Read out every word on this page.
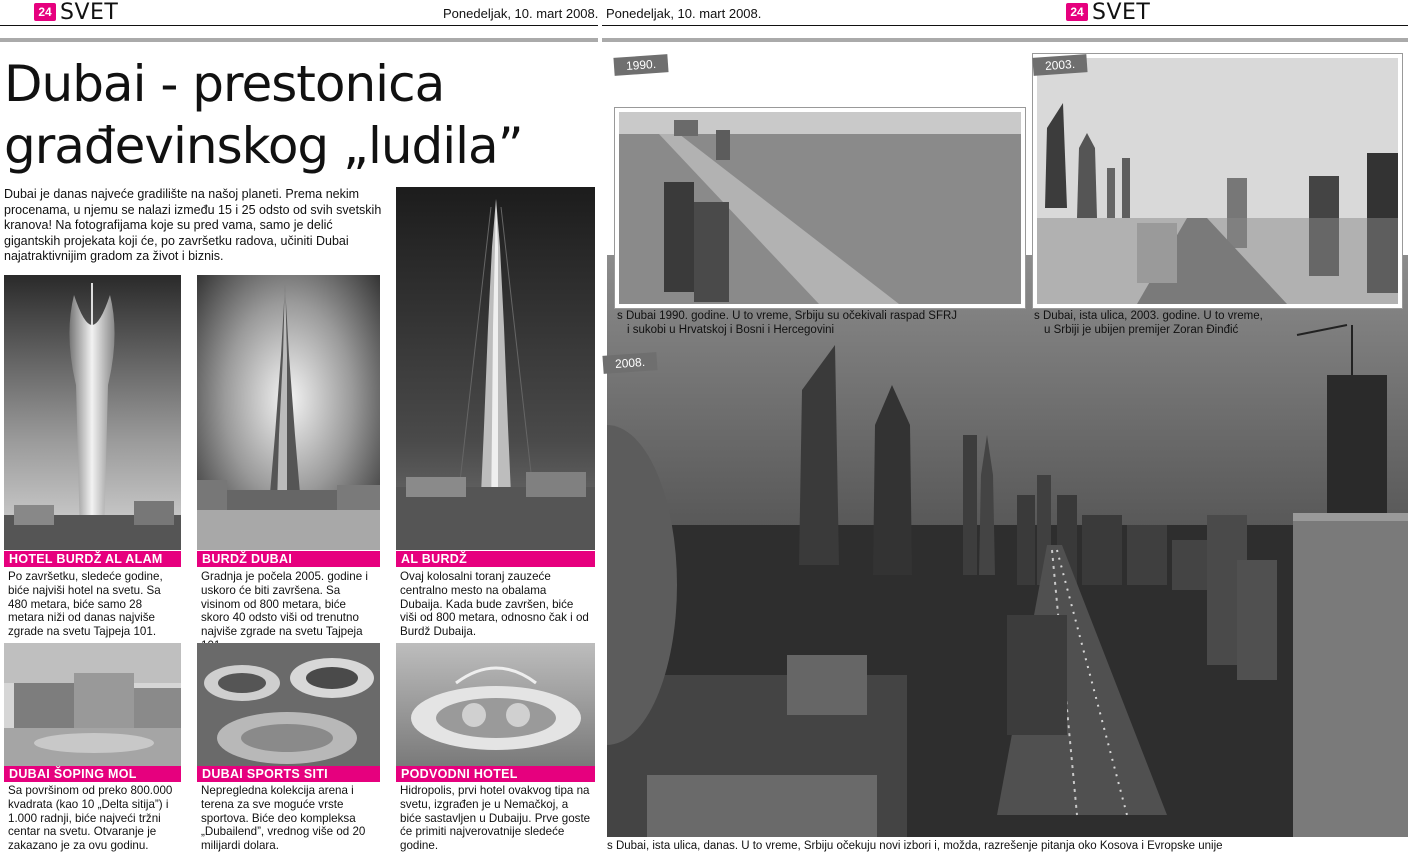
24 SVET	Ponedeljak, 10. mart 2008. Ponedeljak, 10. mart 2008.	24 SVET
Dubai - prestonica
građevinskog „ludila”
Dubai je danas najveće gradilište na našoj planeti. Prema nekim procenama, u njemu se nalazi između 15 i 25 odsto od svih svetskih kranova! Na fotografijama koje su pred vama, samo je delić gigantskih projekata koji će, po završetku radova, učiniti Dubai najatraktivnijim gradom za život i biznis.
HOTEL BURDŽ AL ALAM
Po završetku, sledeće godine, biće najviši hotel na svetu. Sa 480 metara, biće samo 28 metara niži od danas najviše zgrade na svetu Tajpeja 101.
BURDŽ DUBAI
Gradnja je počela 2005. godine i uskoro će biti završena. Sa visinom od 800 metara, biće skoro 40 odsto viši od trenutno najviše zgrade na svetu Tajpeja
AL BURDŽ
Ovaj kolosalni toranj zauzeće centralno mesto na obalama Dubaija. Kada bude završen, biće viši od 800 metara, odnosno čak i od Burdž Dubaija.
DUBAI ŠOPING MOL
Sa površinom od preko 800.000 kvadrata (kao 10 „Delta sitija”) i 1.000 radnji, biće najveći tržni centar na svetu. Otvaranje je zakazano je za ovu godinu.
DUBAI SPORTS SITI
Nepregledna kolekcija arena i terena za sve moguće vrste sportova. Biće deo kompleksa „Dubailend”, vrednog više od 20 milijardi dolara.
PODVODNI HOTEL
Hidropolis, prvi hotel ovakvog tipa na svetu, izgrađen je u Nemačkoj, a biće sastavljen u Dubaiju. Prve goste će primiti najverovatnije sledeće godine.
2008.
1990.
s Dubai 1990. godine. U to vreme, Srbiju su očekivali raspad SFRJ
i sukobi u Hrvatskoj i Bosni i Hercegovini
2003.
s Dubai, ista ulica, 2003. godine. U to vreme,
u Srbiji je ubijen premijer Zoran Đinđić
s Dubai, ista ulica, danas. U to vreme, Srbiju očekuju novi izbori i, možda, razrešenje pitanja oko Kosova i Evropske unije
